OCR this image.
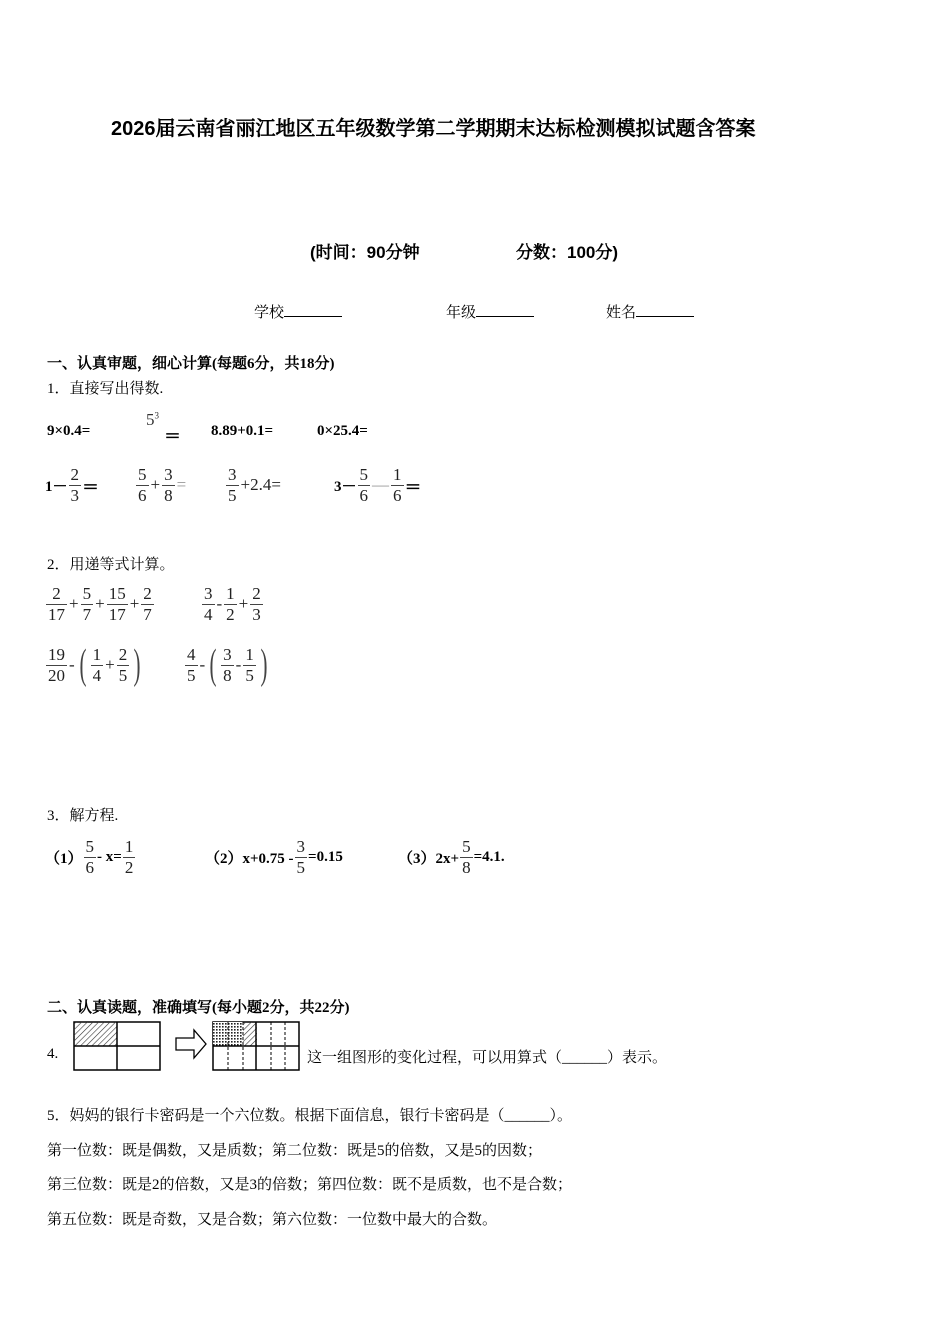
2026届云南省丽江地区五年级数学第二学期期末达标检测模拟试题含答案
(时间：90分钟	分数：100分)
学校	年级	姓名
一、认真审题，细心计算(每题6分，共18分)
1．直接写出得数.
9×0.4=
$5^3$
＝ 8.89+0.1=	0×25.4=
$1- \frac{2}{3} = \frac{5}{6} + \frac{3}{8} = \frac{3}{5} +2.4=$	$3- \frac{5}{6}$ — $\frac{1}{6}$ ＝
2．用递等式计算。
$\frac{2}{17} + \frac{5}{7} + \frac{15}{17} + \frac{2}{7}$	$\frac{3}{4} - \frac{1}{2} + \frac{2}{3}$
$\frac{19}{20}$ - ( $\frac{1}{4} + \frac{2}{5}$ )	$\frac{4}{5}$ - ( $\frac{3}{8} - \frac{1}{5}$ )
3．解方程.
$(1) \frac{5}{6} - x= \frac{1}{2}$	$(2)x+0.75 - \frac{3}{5} =0.15$	$(3)2x+ \frac{5}{8} =4.1$.
二、认真读题，准确填写(每小题2分，共22分)
4.	这一组图形的变化过程，可以用算式（______）表示。
5．妈妈的银行卡密码是一个六位数。根据下面信息，银行卡密码是（______）。
第一位数：既是偶数，又是质数；第二位数：既是5的倍数，又是5的因数；
第三位数：既是2的倍数，又是3的倍数；第四位数：既不是质数，也不是合数；
第五位数：既是奇数，又是合数；第六位数：一位数中最大的合数。
